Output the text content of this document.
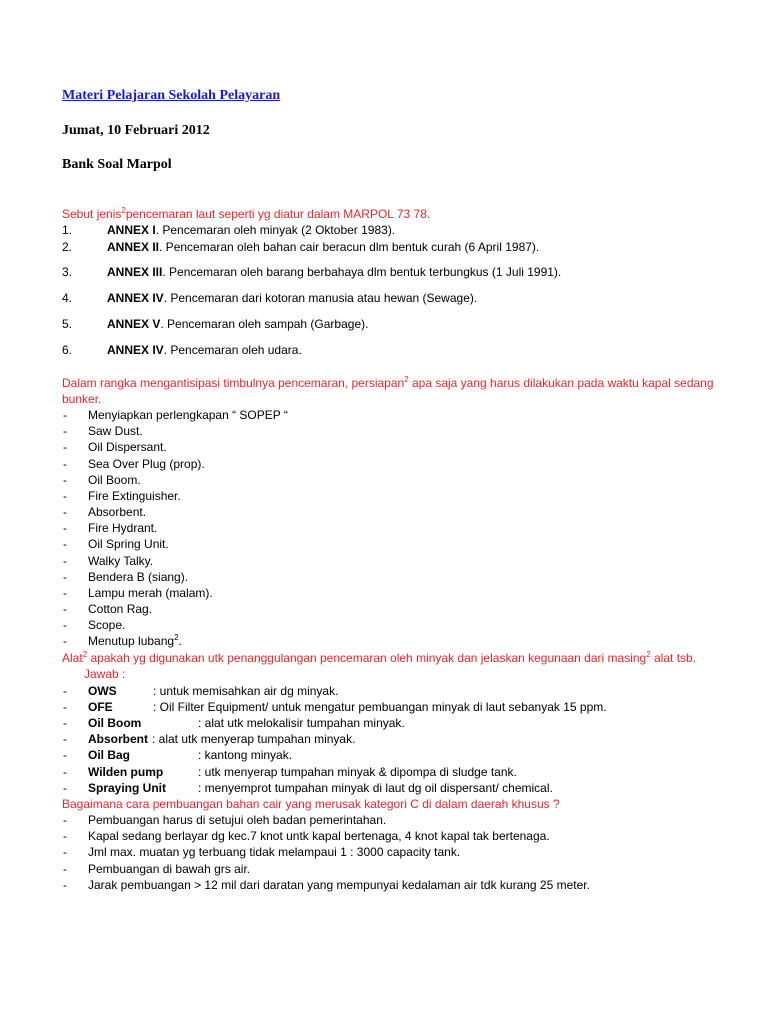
Materi Pelajaran Sekolah Pelayaran
Jumat, 10 Februari 2012
Bank Soal Marpol
Sebut jenis$^2$pencemaran laut seperti yg diatur dalam MARPOL 73 78.
1.	ANNEX I. Pencemaran oleh minyak (2 Oktober 1983).
2.	ANNEX II. Pencemaran oleh bahan cair beracun dlm bentuk curah (6 April 1987).
3.	ANNEX III. Pencemaran oleh barang berbahaya dlm bentuk terbungkus (1 Juli 1991).
4.	ANNEX IV. Pencemaran dari kotoran manusia atau hewan (Sewage).
5.	ANNEX V. Pencemaran oleh sampah (Garbage).
6.	ANNEX IV. Pencemaran oleh udara.
Dalam rangka mengantisipasi timbulnya pencemaran, persiapan$^2$ apa saja yang harus dilakukan pada waktu kapal sedang
bunker.
- Menyiapkan perlengkapan “ SOPEP “
- Saw Dust.
- Oil Dispersant.
- Sea Over Plug (prop).
- Oil Boom.
- Fire Extinguisher.
- Absorbent.
- Fire Hydrant.
- Oil Spring Unit.
- Walky Talky.
- Bendera B (siang).
- Lampu merah (malam).
- Cotton Rag.
- Scope.
- Menutup lubang$^2$.
Alat$^2$ apakah yg digunakan utk penanggulangan pencemaran oleh minyak dan jelaskan kegunaan dari masing$^2$ alat tsb.
Jawab :
- OWS	: untuk memisahkan air dg minyak.
- OFE	: Oil Filter Equipment/ untuk mengatur pembuangan minyak di laut sebanyak 15 ppm.
- Oil Boom	: alat utk melokalisir tumpahan minyak.
- Absorbent : alat utk menyerap tumpahan minyak.
- Oil Bag	: kantong minyak.
- Wilden pump	: utk menyerap tumpahan minyak & dipompa di sludge tank.
- Spraying Unit	: menyemprot tumpahan minyak di laut dg oil dispersant/ chemical.
Bagaimana cara pembuangan bahan cair yang merusak kategori C di dalam daerah khusus ?
- Pembuangan harus di setujui oleh badan pemerintahan.
- Kapal sedang berlayar dg kec.7 knot untk kapal bertenaga, 4 knot kapal tak bertenaga.
- Jml max. muatan yg terbuang tidak melampaui 1 : 3000 capacity tank.
- Pembuangan di bawah grs air.
- Jarak pembuangan > 12 mil dari daratan yang mempunyai kedalaman air tdk kurang 25 meter.
